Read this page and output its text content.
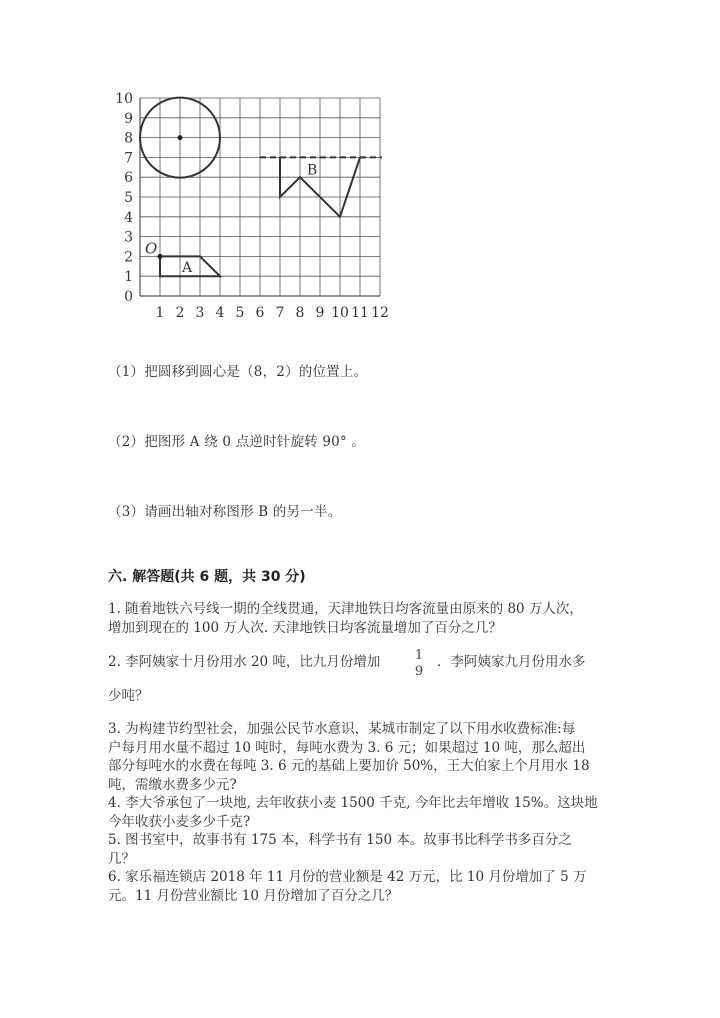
0
1
2
3
4
5
6
7
8
9
10
1 2 3 4 5 6 7 8 9 10 11 12
A
O
B
（1）把圆移到圆心是（8，2）的位置上。
（2）把图形 A 绕 0 点逆时针旋转 90° 。
（3）请画出轴对称图形 B 的另一半。
六. 解答题(共 6 题，共 30 分)
1. 随着地铁六号线一期的全线贯通，天津地铁日均客流量由原来的 80 万人次，
增加到现在的 100 万人次. 天津地铁日均客流量增加了百分之几？
2. 李阿姨家十月份用水 20 吨，比九月份增加	．李阿姨家九月份用水多
1
9
少吨？
3. 为构建节约型社会，加强公民节水意识，某城市制定了以下用水收费标准:每
户每月用水量不超过 10 吨时，每吨水费为 3. 6 元；如果超过 10 吨，那么超出
部分每吨水的水费在每吨 3. 6 元的基础上要加价 50%，王大伯家上个月用水 18
吨，需缴水费多少元?
4. 李大爷承包了一块地, 去年收获小麦 1500 千克, 今年比去年增收 15%。这块地
今年收获小麦多少千克?
5. 图书室中，故事书有 175 本，科学书有 150 本。故事书比科学书多百分之
几？
6. 家乐福连锁店 2018 年 11 月份的营业额是 42 万元，比 10 月份增加了 5 万
元。11 月份营业额比 10 月份增加了百分之几？
